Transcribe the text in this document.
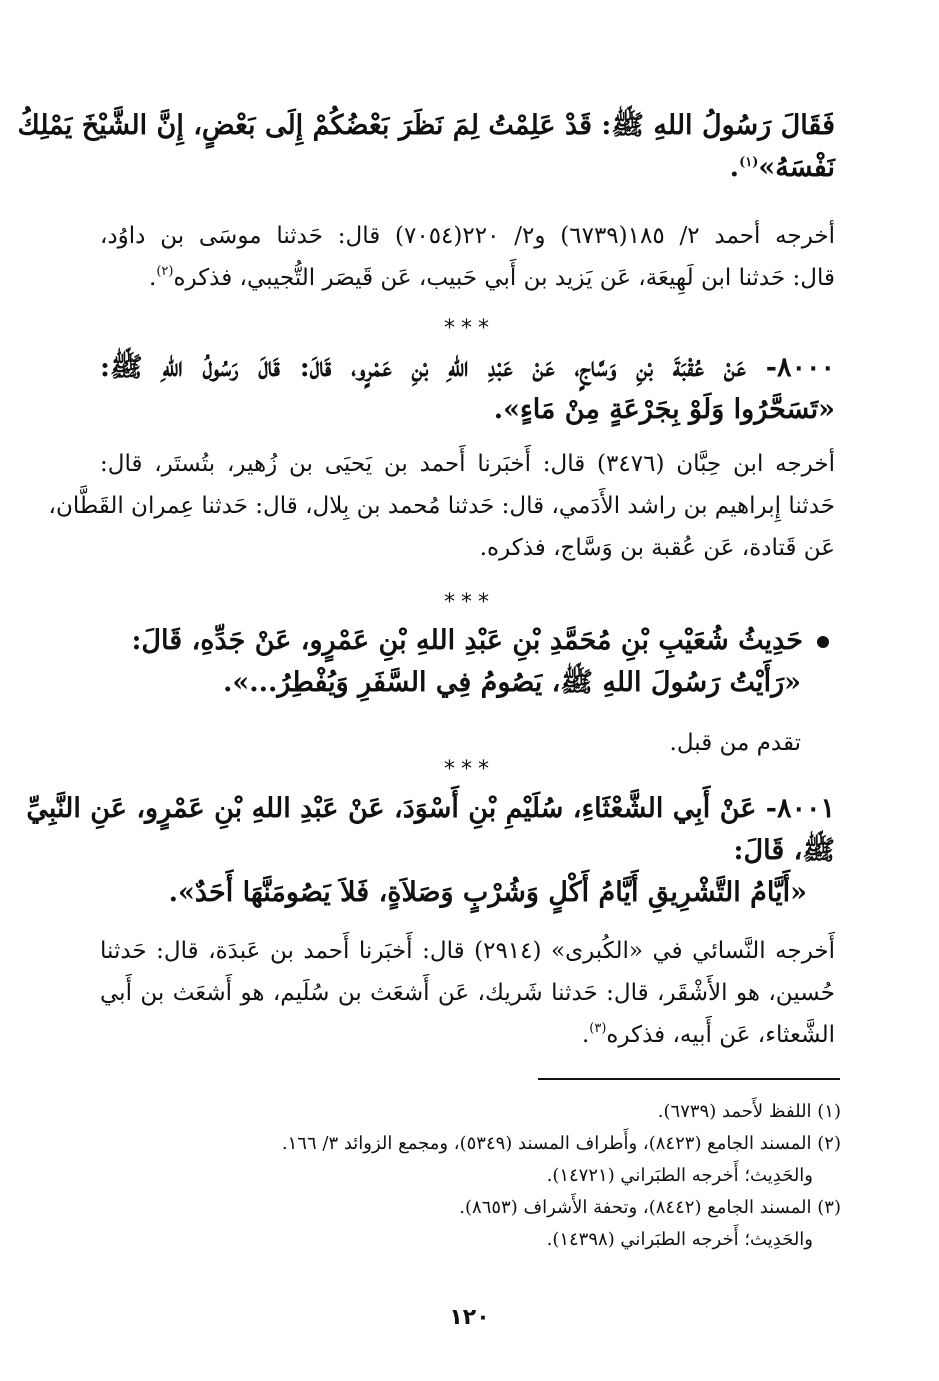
فَقَالَ رَسُولُ اللهِ ﷺ: قَدْ عَلِمْتُ لِمَ نَظَرَ بَعْضُكُمْ إِلَى بَعْضٍ، إِنَّ الشَّيْخَ يَمْلِكُ
نَفْسَهُ»$^{(١)}$.
أخرجه أحمد ٢/ ١٨٥(٦٧٣٩) و٢/ ٢٢٠(٧٠٥٤) قال: حَدثنا موسَى بن داوُد،
قال: حَدثنا ابن لَهِيعَة، عَن يَزيد بن أَبي حَبيب، عَن قَيصَر التُّجيبي، فذكره$^{(٢)}$.
***
٨٠٠٠- عَنْ عُقْبَةَ بْنِ وَسَّاجٍ، عَنْ عَبْدِ اللهِ بْنِ عَمْرٍو، قَالَ: قَالَ رَسُولُ اللهِ ﷺ:
«تَسَحَّرُوا وَلَوْ بِجَرْعَةٍ مِنْ مَاءٍ».
أخرجه ابن حِبَّان (٣٤٧٦) قال: أَخبَرنا أَحمد بن يَحيَى بن زُهير، بتُستَر، قال:
حَدثنا إِبراهيم بن راشد الأَدَمي، قال: حَدثنا مُحمد بن بِلال، قال: حَدثنا عِمران القَطَّان،
عَن قَتادة، عَن عُقبة بن وَسَّاج، فذكره.
***
حَدِيثُ شُعَيْبِ بْنِ مُحَمَّدِ بْنِ عَبْدِ اللهِ بْنِ عَمْرٍو، عَنْ جَدِّهِ، قَالَ:
«رَأَيْتُ رَسُولَ اللهِ ﷺ، يَصُومُ فِي السَّفَرِ وَيُفْطِرُ...».
تقدم من قبل.
***
٨٠٠١- عَنْ أَبِي الشَّعْثَاءِ، سُلَيْمِ بْنِ أَسْوَدَ، عَنْ عَبْدِ اللهِ بْنِ عَمْرٍو، عَنِ النَّبِيِّ
ﷺ، قَالَ:
«أَيَّامُ التَّشْرِيقِ أَيَّامُ أَكْلٍ وَشُرْبٍ وَصَلاَةٍ، فَلاَ يَصُومَنَّهَا أَحَدٌ».
أَخرجه النَّسائي في «الكُبرى» (٢٩١٤) قال: أَخبَرنا أَحمد بن عَبدَة، قال: حَدثنا
حُسين، هو الأَشْقَر، قال: حَدثنا شَريك، عَن أَشعَث بن سُلَيم، هو أَشعَث بن أَبي
الشَّعثاء، عَن أَبيه، فذكره$^{(٣)}$.
(١) اللفظ لأَحمد (٦٧٣٩).
(٢) المسند الجامع (٨٤٢٣)، وأَطراف المسند (٥٣٤٩)، ومجمع الزوائد ٣/ ١٦٦.
والحَدِيث؛ أَخرجه الطبَراني (١٤٧٢١).
(٣) المسند الجامع (٨٤٤٢)، وتحفة الأَشراف (٨٦٥٣).
والحَدِيث؛ أَخرجه الطبَراني (١٤٣٩٨).
١٢٠
